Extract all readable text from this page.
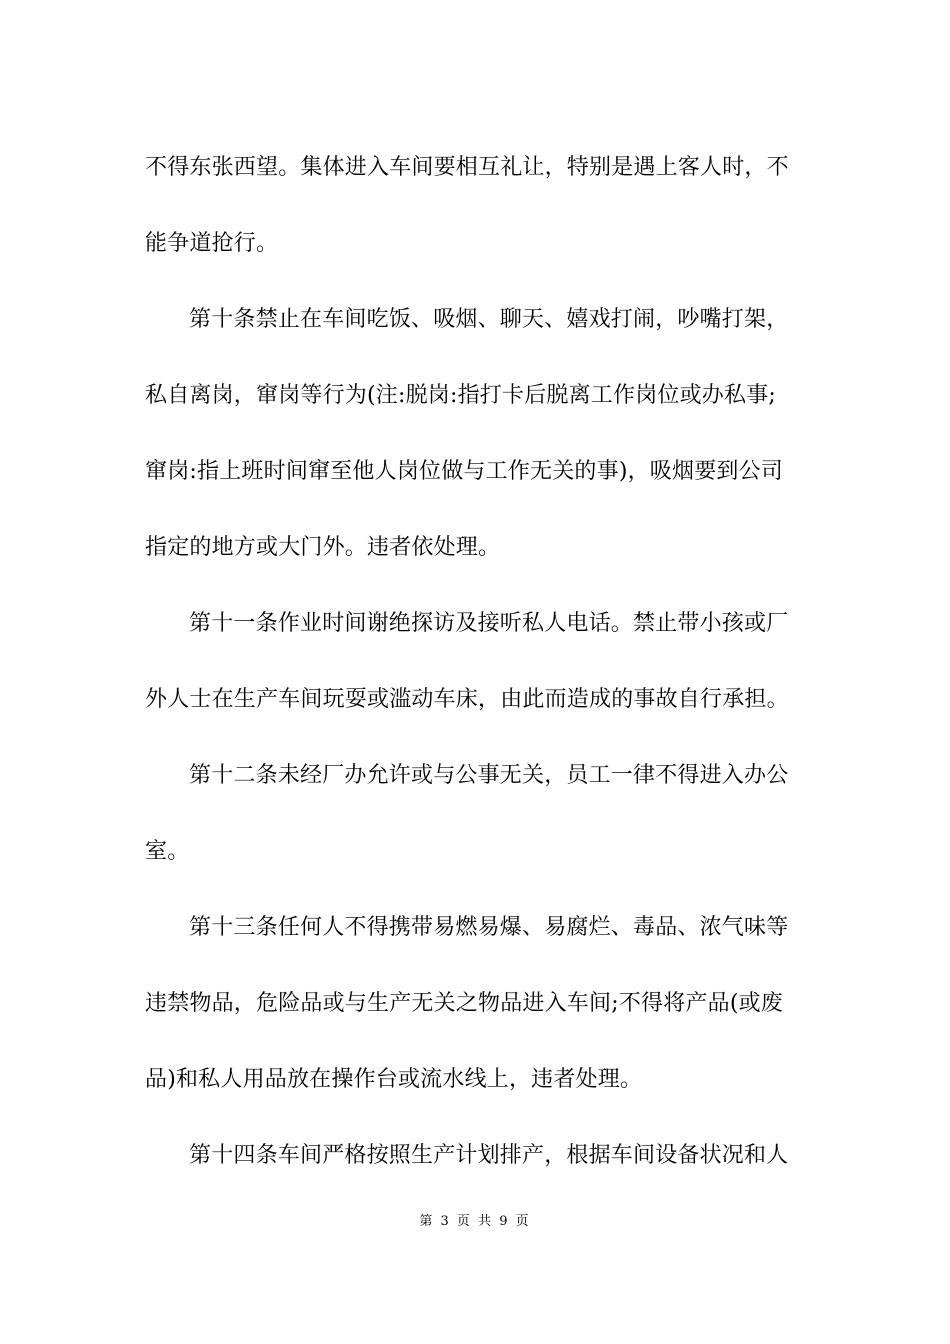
不得东张西望。集体进入车间要相互礼让，特别是遇上客人时，不
能争道抢行。
第十条禁止在车间吃饭、吸烟、聊天、嬉戏打闹，吵嘴打架，
私自离岗，窜岗等行为(注:脱岗:指打卡后脱离工作岗位或办私事;
窜岗:指上班时间窜至他人岗位做与工作无关的事)，吸烟要到公司
指定的地方或大门外。违者依处理。
第十一条作业时间谢绝探访及接听私人电话。禁止带小孩或厂
外人士在生产车间玩耍或滥动车床，由此而造成的事故自行承担。
第十二条未经厂办允许或与公事无关，员工一律不得进入办公
室。
第十三条任何人不得携带易燃易爆、易腐烂、毒品、浓气味等
违禁物品，危险品或与生产无关之物品进入车间;不得将产品(或废
品)和私人用品放在操作台或流水线上，违者处理。
第十四条车间严格按照生产计划排产，根据车间设备状况和人
第 3 页 共 9 页
